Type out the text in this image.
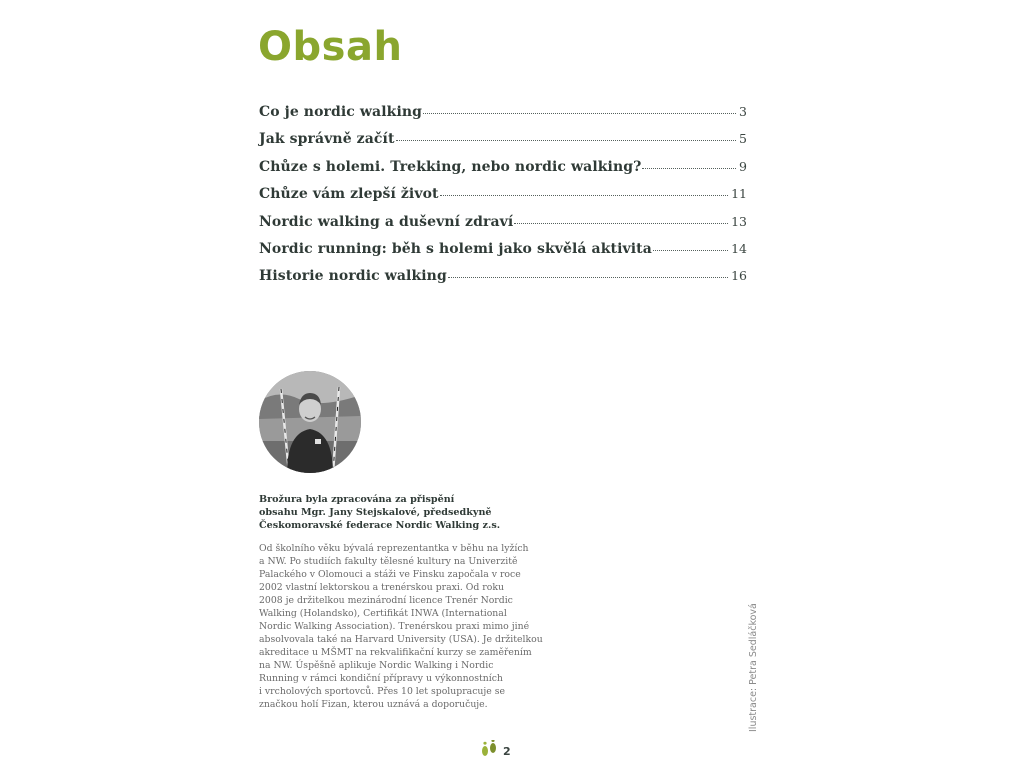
Obsah
Co je nordic walking	3
Jak správně začít	5
Chůze s holemi. Trekking, nebo nordic walking?	9
Chůze vám zlepší život	11
Nordic walking a duševní zdraví	13
Nordic running: běh s holemi jako skvělá aktivita	14
Historie nordic walking	16

Brožura byla zpracována za přispění
obsahu Mgr. Jany Stejskalové, předsedkyně
Českomoravské federace Nordic Walking z.s.

Od školního věku bývalá reprezentantka v běhu na lyžích
a NW. Po studiích fakulty tělesné kultury na Univerzitě
Palackého v Olomouci a stáži ve Finsku započala v roce
2002 vlastní lektorskou a trenérskou praxi. Od roku
2008 je držitelkou mezinárodní licence Trenér Nordic
Walking (Holandsko), Certifikát INWA (International
Nordic Walking Association). Trenérskou praxi mimo jiné
absolvovala také na Harvard University (USA). Je držitelkou
akreditace u MŠMT na rekvalifikační kurzy se zaměřením
na NW. Úspěšně aplikuje Nordic Walking i Nordic
Running v rámci kondiční přípravy u výkonnostních
i vrcholových sportovců. Přes 10 let spolupracuje se
značkou holí Fizan, kterou uznává a doporučuje.	Ilustrace: Petra Sedláčková
2
